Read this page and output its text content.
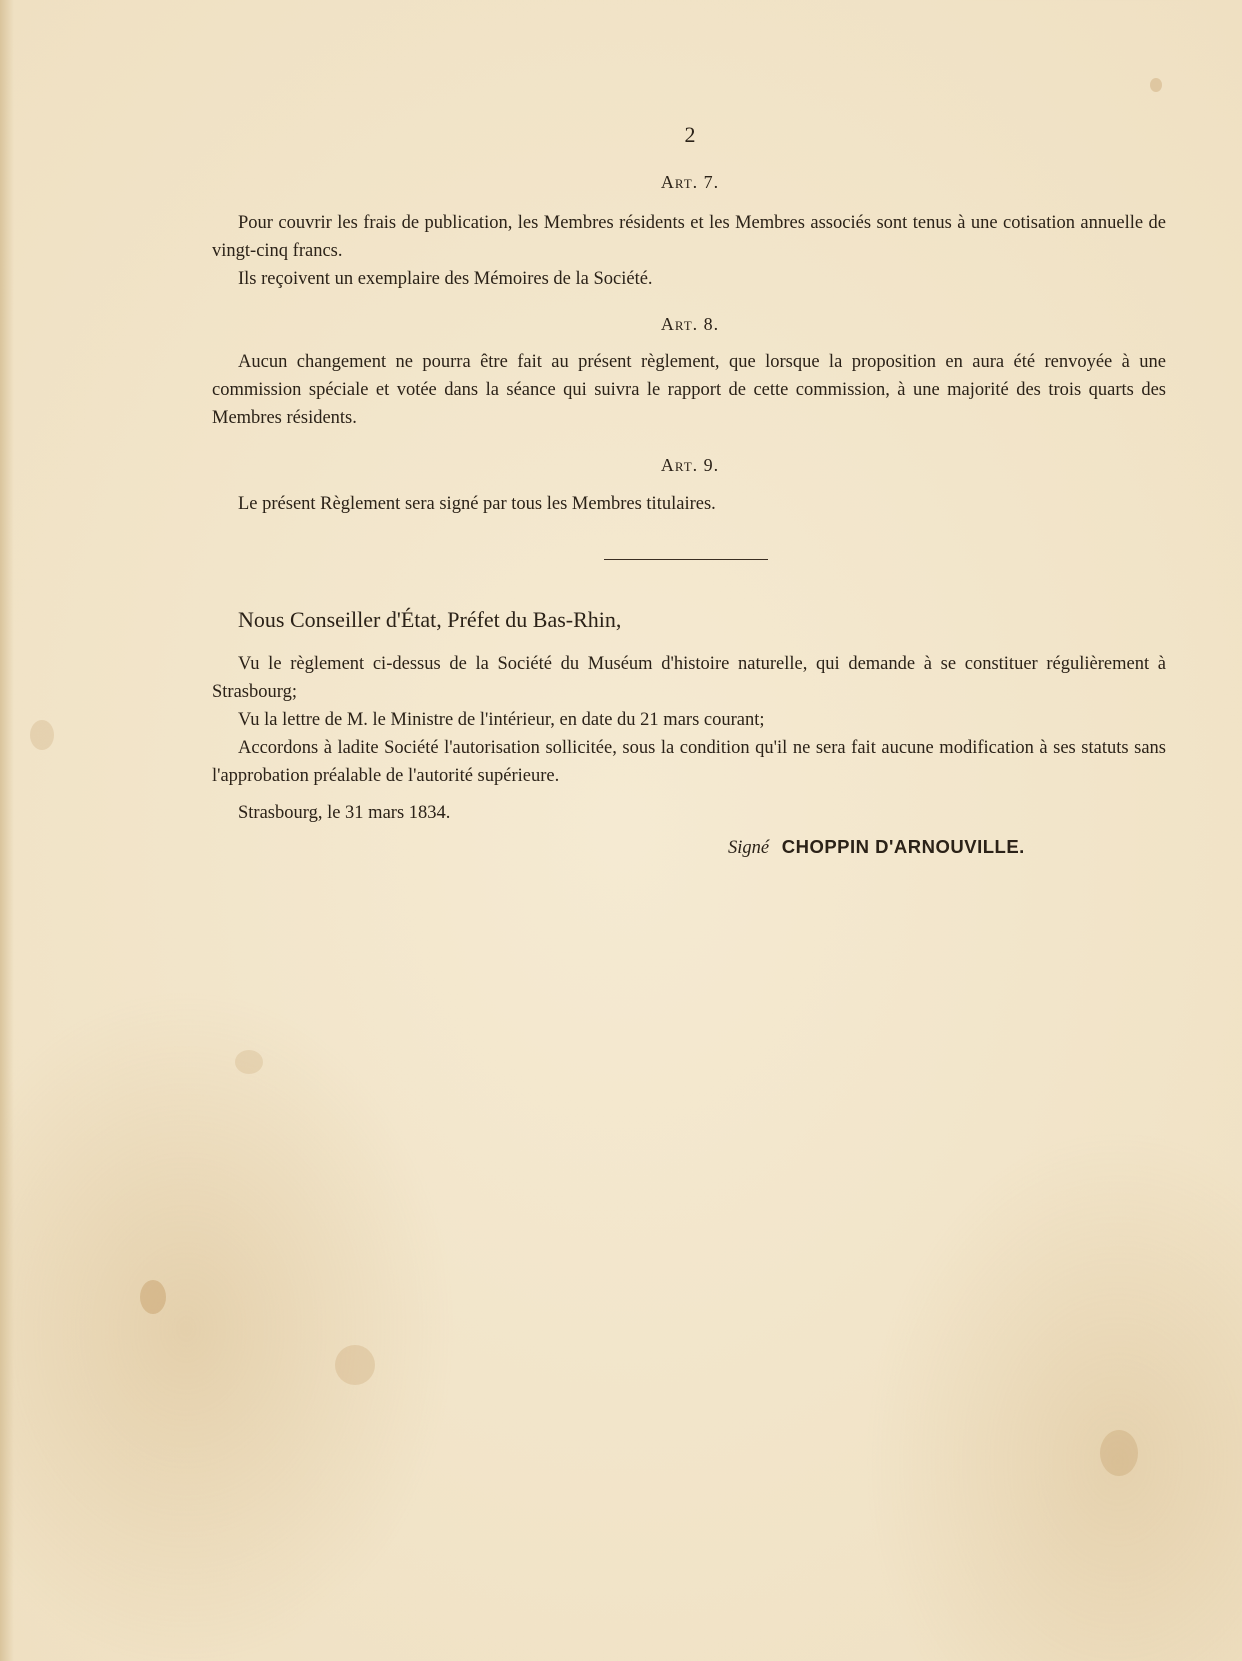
2
Art. 7.

Pour couvrir les frais de publication, les Membres résidents et les Membres associés sont tenus à une cotisation annuelle de vingt-cinq francs.

Ils reçoivent un exemplaire des Mémoires de la Société.

Art. 8.

Aucun changement ne pourra être fait au présent règlement, que lorsque la proposition en aura été renvoyée à une commission spéciale et votée dans la séance qui suivra le rapport de cette commission, à une majorité des trois quarts des Membres résidents.

Art. 9.

Le présent Règlement sera signé par tous les Membres titulaires.

Nous Conseiller d'État, Préfet du Bas-Rhin,

Vu le règlement ci-dessus de la Société du Muséum d'histoire naturelle, qui demande à se constituer régulièrement à Strasbourg;

Vu la lettre de M. le Ministre de l'intérieur, en date du 21 mars courant;

Accordons à ladite Société l'autorisation sollicitée, sous la condition qu'il ne sera fait aucune modification à ses statuts sans l'approbation préalable de l'autorité supérieure.

Strasbourg, le 31 mars 1834.

Signé CHOPPIN D'ARNOUVILLE.
